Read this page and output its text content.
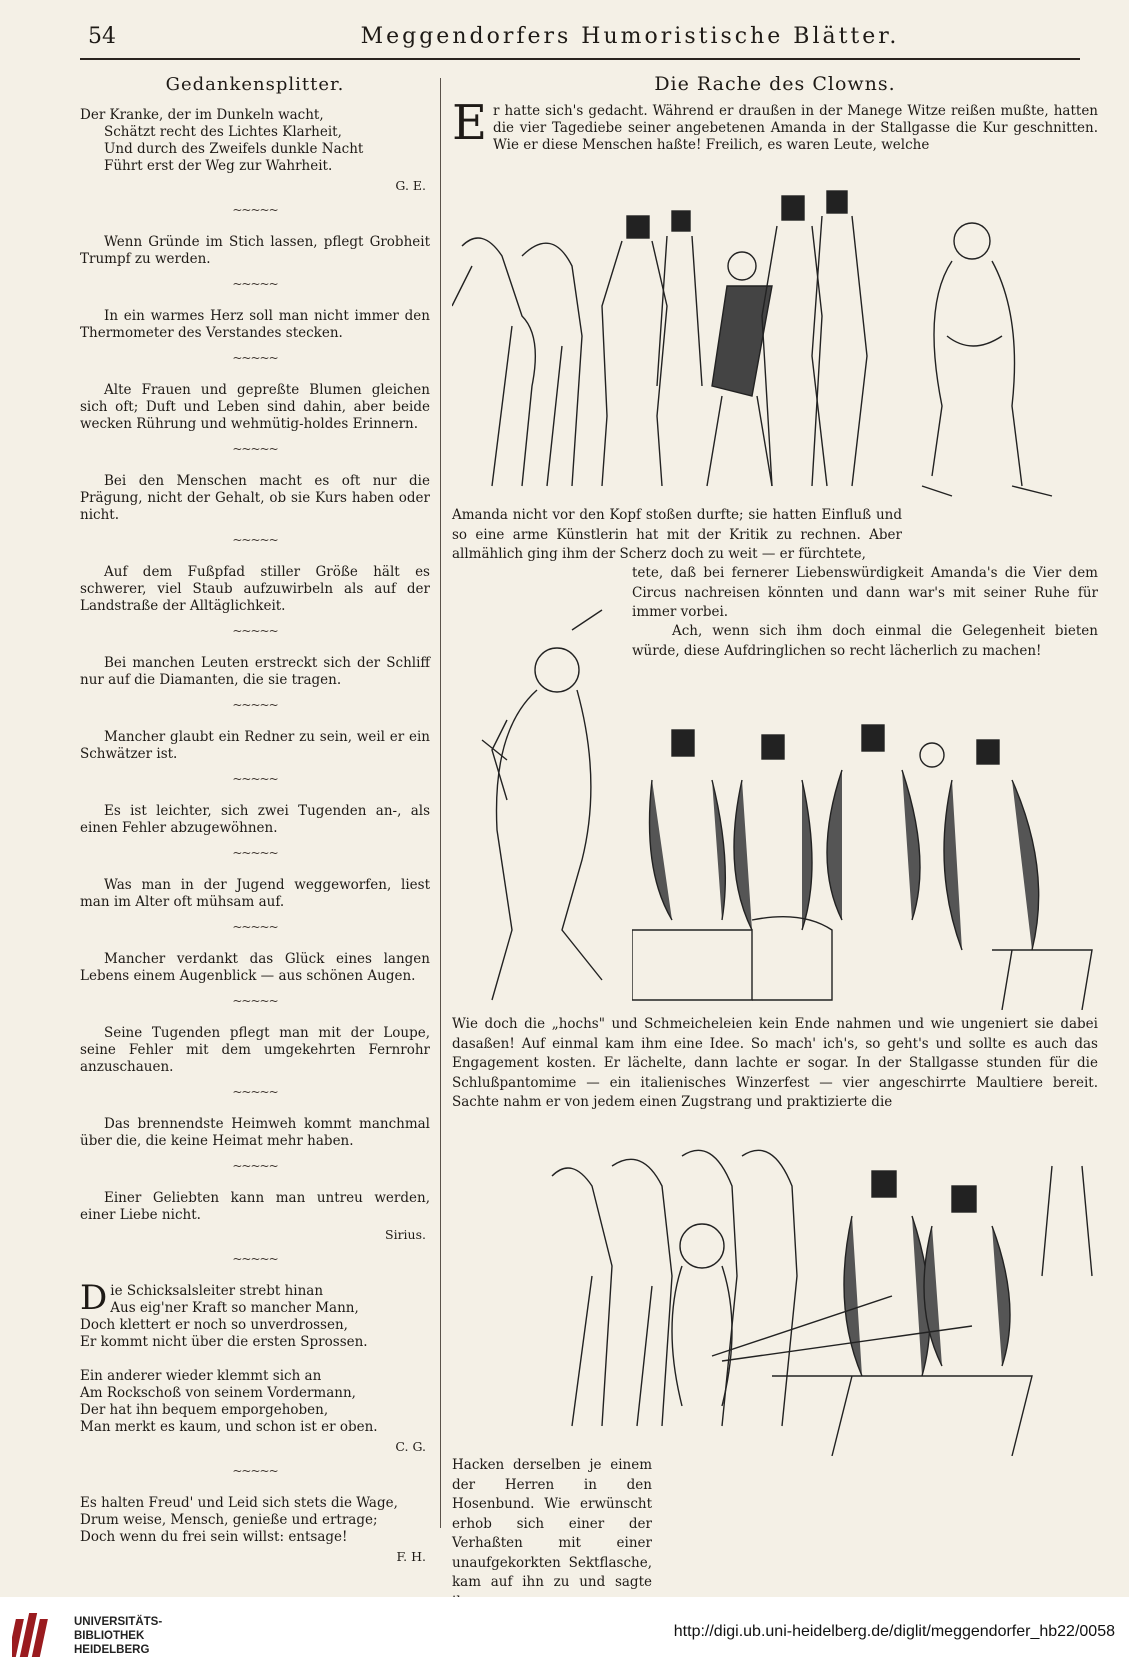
54	Meggendorfers Humoristische Blätter.
Gedankensplitter.
Der Kranke, der im Dunkeln wacht,
Schätzt recht des Lichtes Klarheit,
Und durch des Zweifels dunkle Nacht
Führt erst der Weg zur Wahrheit.
G. E.
~~~~~
Wenn Gründe im Stich lassen, pflegt Grobheit Trumpf zu werden.
~~~~~
In ein warmes Herz soll man nicht immer den Thermometer des Verstandes stecken.
~~~~~
Alte Frauen und gepreßte Blumen gleichen sich oft; Duft und Leben sind dahin, aber beide wecken Rührung und wehmütig-holdes Erinnern.
~~~~~
Bei den Menschen macht es oft nur die Prägung, nicht der Gehalt, ob sie Kurs haben oder nicht.
~~~~~
Auf dem Fußpfad stiller Größe hält es schwerer, viel Staub aufzuwirbeln als auf der Landstraße der Alltäglichkeit.
~~~~~
Bei manchen Leuten erstreckt sich der Schliff nur auf die Diamanten, die sie tragen.
~~~~~
Mancher glaubt ein Redner zu sein, weil er ein Schwätzer ist.
~~~~~
Es ist leichter, sich zwei Tugenden an-, als einen Fehler abzugewöhnen.
~~~~~
Was man in der Jugend weggeworfen, liest man im Alter oft mühsam auf.
~~~~~
Mancher verdankt das Glück eines langen Lebens einem Augenblick — aus schönen Augen.
~~~~~
Seine Tugenden pflegt man mit der Loupe, seine Fehler mit dem umgekehrten Fernrohr anzuschauen.
~~~~~
Das brennendste Heimweh kommt manchmal über die, die keine Heimat mehr haben.
~~~~~
Einer Geliebten kann man untreu werden, einer Liebe nicht.
Sirius.
~~~~~
D ie Schicksalsleiter strebt hinan
Aus eig'ner Kraft so mancher Mann,
Doch klettert er noch so unverdrossen,
Er kommt nicht über die ersten Sprossen.

Ein anderer wieder klemmt sich an
Am Rockschoß von seinem Vordermann,
Der hat ihn bequem emporgehoben,
Man merkt es kaum, und schon ist er oben.
C. G.
~~~~~
Es halten Freud' und Leid sich stets die Wage,
Drum weise, Mensch, genieße und ertrage;
Doch wenn du frei sein willst: entsage!
F. H.
Die Rache des Clowns.

Er hatte sich's gedacht. Während er draußen in der Manege Witze reißen mußte, hatten die vier Tagediebe seiner angebetenen Amanda in der Stallgasse die Kur geschnitten. Wie er diese Menschen haßte! Freilich, es waren Leute, welche

Amanda nicht vor den Kopf stoßen durfte; sie hatten Einfluß und so eine arme Künstlerin hat mit der Kritik zu rechnen. Aber allmählich ging ihm der Scherz doch zu weit — er fürchtete,
tete, daß bei fernerer Liebenswürdigkeit Amanda's die Vier dem Circus nachreisen könnten und dann war's mit seiner Ruhe für immer vorbei.
Ach, wenn sich ihm doch einmal die Gelegenheit bieten würde, diese Aufdringlichen so recht lächerlich zu machen!
Wie doch die „hochs" und Schmeicheleien kein Ende nahmen und wie ungeniert sie dabei dasaßen! Auf einmal kam ihm eine Idee. So mach' ich's, so geht's und sollte es auch das Engagement kosten. Er lächelte, dann lachte er sogar. In der Stallgasse stunden für die Schlußpantomime — ein italienisches Winzerfest — vier angeschirrte Maultiere bereit. Sachte nahm er von jedem einen Zugstrang und praktizierte die
Hacken derselben je einem der Herren in den Hosenbund. Wie erwünscht erhob sich einer der Verhaßten mit einer unaufgekorkten Sektflasche, kam auf ihn zu und sagte
UNIVERSITÄTS-
BIBLIOTHEK
HEIDELBERG
http://digi.ub.uni-heidelberg.de/diglit/meggendorfer_hb22/0058
